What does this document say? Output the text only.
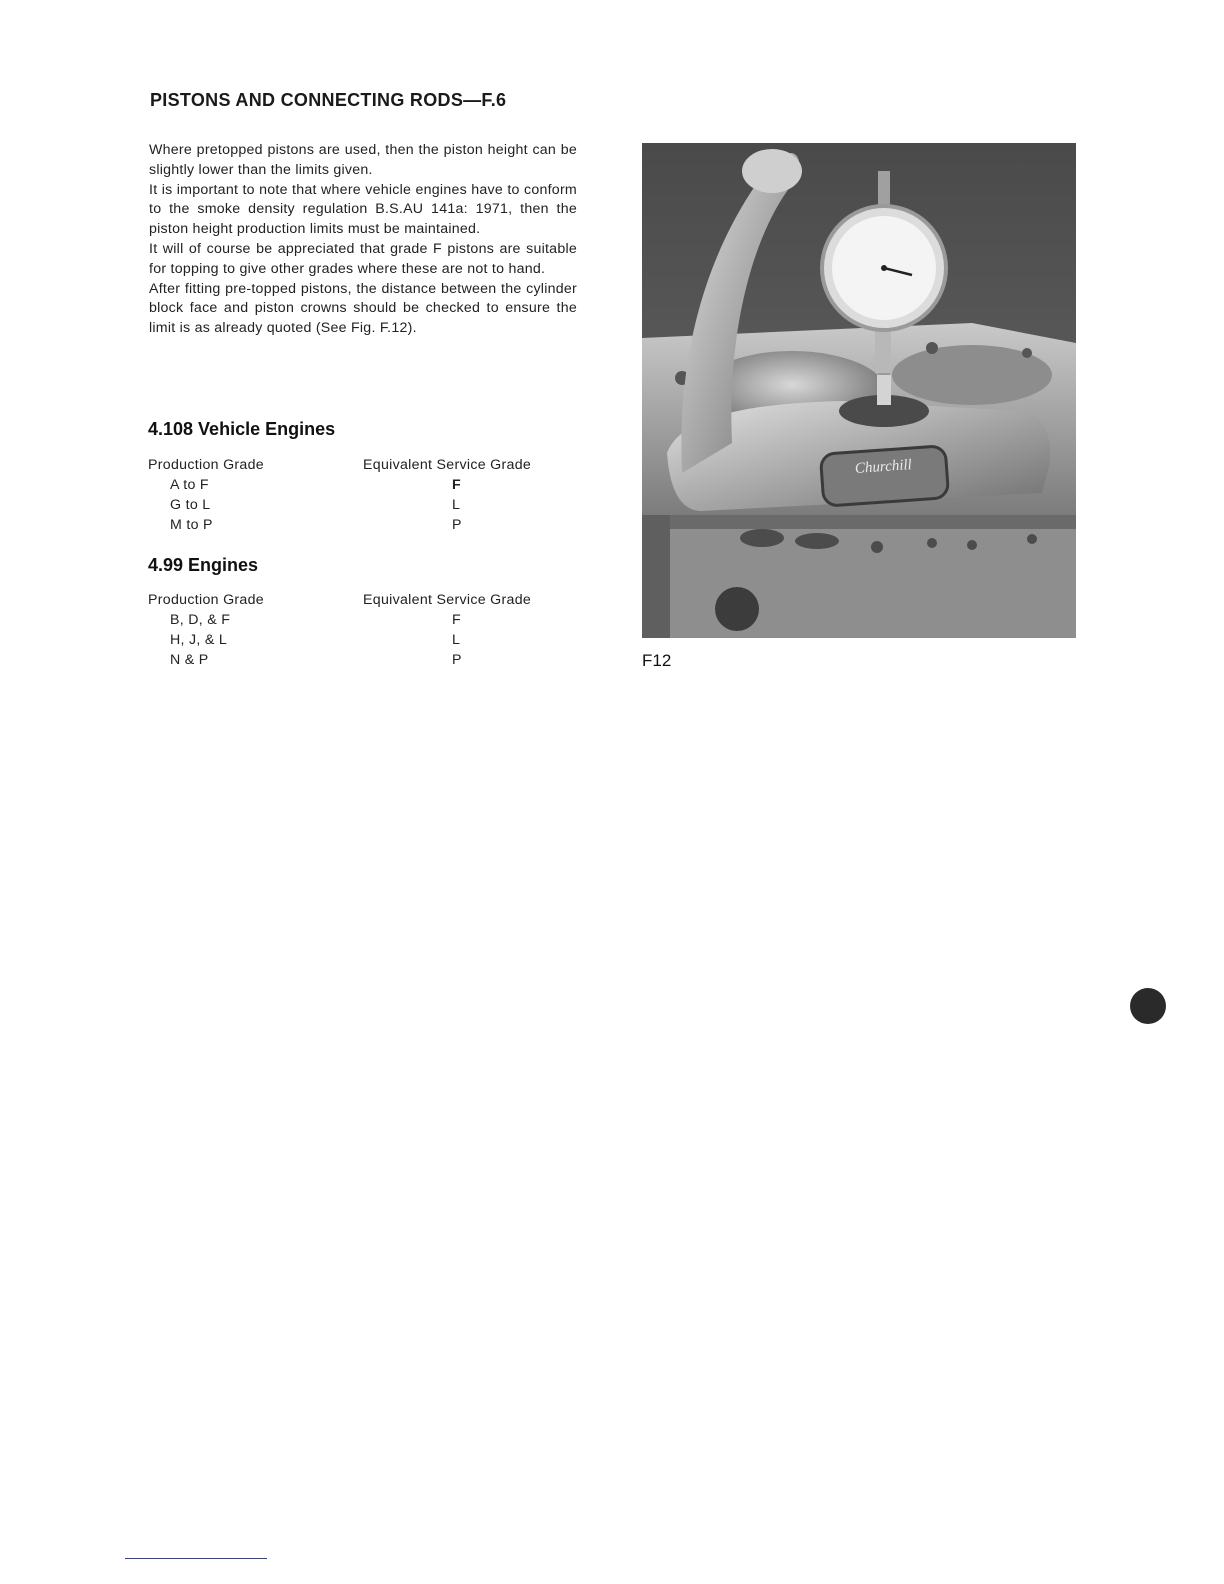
PISTONS AND CONNECTING RODS—F.6

Where pretopped pistons are used, then the piston height can be slightly lower than the limits given.

It is important to note that where vehicle engines have to conform to the smoke density regulation B.S.AU 141a: 1971, then the piston height production limits must be maintained.

It will of course be appreciated that grade F pistons are suitable for topping to give other grades where these are not to hand.

After fitting pre-topped pistons, the distance between the cylinder block face and piston crowns should be checked to ensure the limit is as already quoted (See Fig. F.12).

4.108 Vehicle Engines
Production Grade	Equivalent Service Grade
A to F	F
G to L	L
M to P	P
4.99 Engines
Production Grade	Equivalent Service Grade
B, D, & F	F
H, J, & L	L
N & P	P
Churchill
F12
